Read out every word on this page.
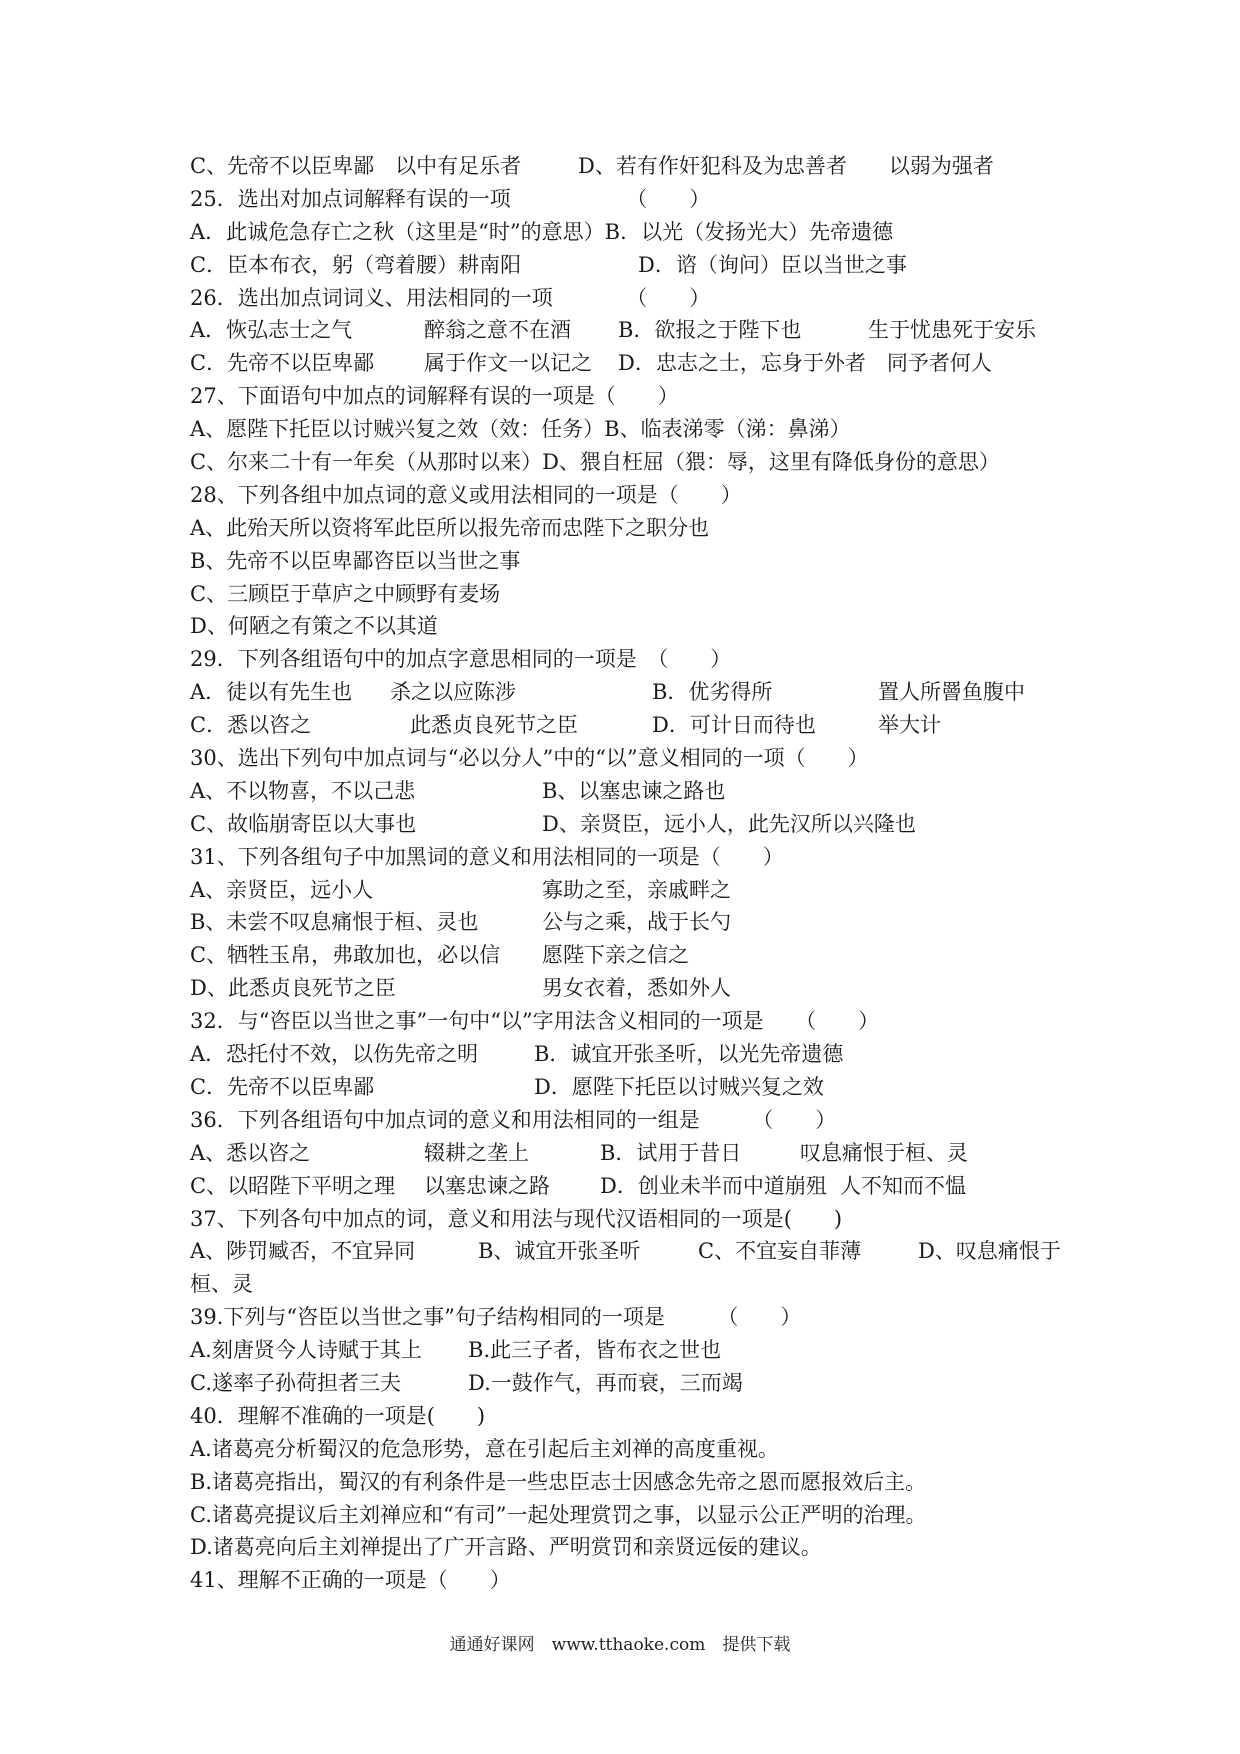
C、先帝不以臣卑鄙　以中有足乐者	D、若有作奸犯科及为忠善者　　以弱为强者
25．选出对加点词解释有误的一项　　　　　　（　　）
A．此诚危急存亡之秋（这里是“时”的意思）B．以光（发扬光大）先帝遗德
C．臣本布衣，躬（弯着腰）耕南阳	D．谘（询问）臣以当世之事
26．选出加点词词义、用法相同的一项　　　　（　　）
A．恢弘志士之气	醉翁之意不在酒 B．欲报之于陛下也	生于忧患死于安乐
C．先帝不以臣卑鄙 属于作文一以记之 D．忠志之士，忘身于外者　同予者何人
27、下面语句中加点的词解释有误的一项是（　　）
A、愿陛下托臣以讨贼兴复之效（效：任务）B、临表涕零（涕：鼻涕）
C、尔来二十有一年矣（从那时以来）D、猥自枉屈（猥：辱，这里有降低身份的意思）
28、下列各组中加点词的意义或用法相同的一项是（　　）
A、此殆天所以资将军此臣所以报先帝而忠陛下之职分也
B、先帝不以臣卑鄙咨臣以当世之事
C、三顾臣于草庐之中顾野有麦场
D、何陋之有策之不以其道
29．下列各组语句中的加点字意思相同的一项是　（　　）
A．徒以有先生也 杀之以应陈涉	B．优劣得所	置人所罾鱼腹中
C．悉以咨之	此悉贞良死节之臣	D．可计日而待也	举大计
30、选出下列句中加点词与“必以分人”中的“以”意义相同的一项（　　）
A、不以物喜，不以己悲	B、以塞忠谏之路也
C、故临崩寄臣以大事也	D、亲贤臣，远小人，此先汉所以兴隆也
31、下列各组句子中加黑词的意义和用法相同的一项是（　　）
A、亲贤臣，远小人	寡助之至，亲戚畔之
B、未尝不叹息痛恨于桓、灵也	公与之乘，战于长勺
C、牺牲玉帛，弗敢加也，必以信 愿陛下亲之信之
D、此悉贞良死节之臣	男女衣着，悉如外人
32．与“咨臣以当世之事”一句中“以”字用法含义相同的一项是　　（　　）
A．恐托付不效，以伤先帝之明	B．诚宜开张圣听，以光先帝遗德
C．先帝不以臣卑鄙	D．愿陛下托臣以讨贼兴复之效
36．下列各组语句中加点词的意义和用法相同的一组是　　　（　　）
A、悉以咨之	辍耕之垄上	B．试用于昔日	叹息痛恨于桓、灵
C、以昭陛下平明之理 以塞忠谏之路 D．创业未半而中道崩殂 人不知而不愠
37、下列各句中加点的词，意义和用法与现代汉语相同的一项是(　　)
A、陟罚臧否，不宜异同	B、诚宜开张圣听	C、不宜妄自菲薄	D、叹息痛恨于
桓、灵
39.下列与“咨臣以当世之事”句子结构相同的一项是　　　（　　）
A.刻唐贤今人诗赋于其上 B.此三子者，皆布衣之世也
C.遂率子孙荷担者三夫	D.一鼓作气，再而衰，三而竭
40．理解不准确的一项是(　　)
A.诸葛亮分析蜀汉的危急形势，意在引起后主刘禅的高度重视。
B.诸葛亮指出，蜀汉的有利条件是一些忠臣志士因感念先帝之恩而愿报效后主。
C.诸葛亮提议后主刘禅应和“有司”一起处理赏罚之事，以显示公正严明的治理。
D.诸葛亮向后主刘禅提出了广开言路、严明赏罚和亲贤远佞的建议。
41、理解不正确的一项是（　　）
通通好课网　www.tthaoke.com　提供下载
